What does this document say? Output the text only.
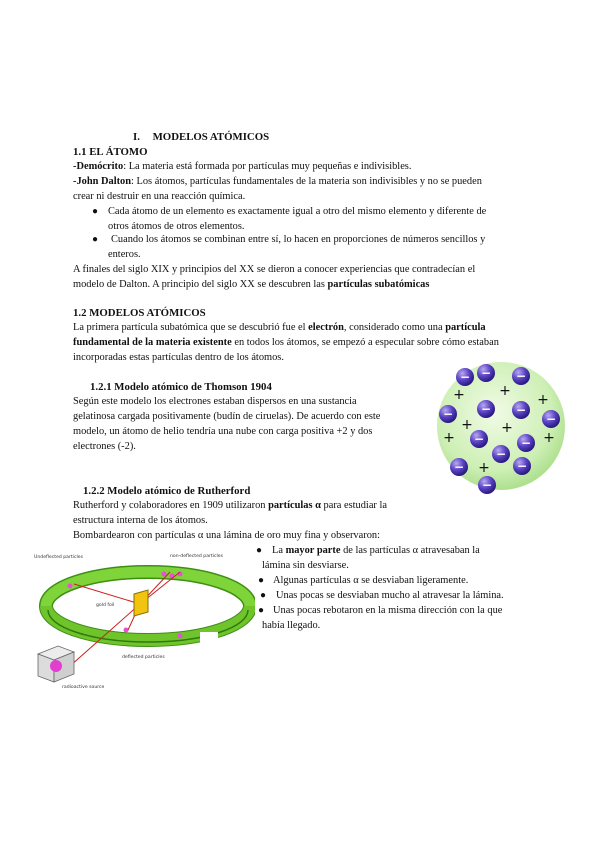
I. MODELOS ATÓMICOS
1.1 EL ÁTOMO
-Demócrito: La materia está formada por partículas muy pequeñas e indivisibles.
-John Dalton: Los átomos, partículas fundamentales de la materia son indivisibles y no se pueden
crear ni destruir en una reacción química.
● Cada átomo de un elemento es exactamente igual a otro del mismo elemento y diferente de
otros átomos de otros elementos.
● Cuando los átomos se combinan entre sí, lo hacen en proporciones de números sencillos y
enteros.
A finales del siglo XIX y principios del XX se dieron a conocer experiencias que contradecían el
modelo de Dalton. A principio del siglo XX se descubren las partículas subatómicas
1.2 MODELOS ATÓMICOS
La primera partícula subatómica que se descubrió fue el electrón, considerado como una partícula
fundamental de la materia existente en todos los átomos, se empezó a especular sobre cómo estaban
incorporadas estas partículas dentro de los átomos.
1.2.1 Modelo atómico de Thomson 1904
Según este modelo los electrones estaban dispersos en una sustancia
gelatinosa cargada positivamente (budín de ciruelas). De acuerdo con este
modelo, un átomo de helio tendría una nube con carga positiva +2 y dos
electrones (-2).
− − −
− − −
−
−	−
−
−
−
−
+	+
+
+
+
+
+
+
1.2.2 Modelo atómico de Rutherford
Rutherford y colaboradores en 1909 utilizaron partículas α para estudiar la
estructura interna de los átomos.
Bombardearon con partículas α una lámina de oro muy fina y observaron:
● La mayor parte de las partículas α atravesaban la
lámina sin desviarse.
● Algunas partículas α se desviaban ligeramente.
● Unas pocas se desviaban mucho al atravesar la lámina.
● Unas pocas rebotaron en la misma dirección con la que
había llegado.
Undeflected particles	non-deflected particles
gold foil
deflected particles
radioactive source
